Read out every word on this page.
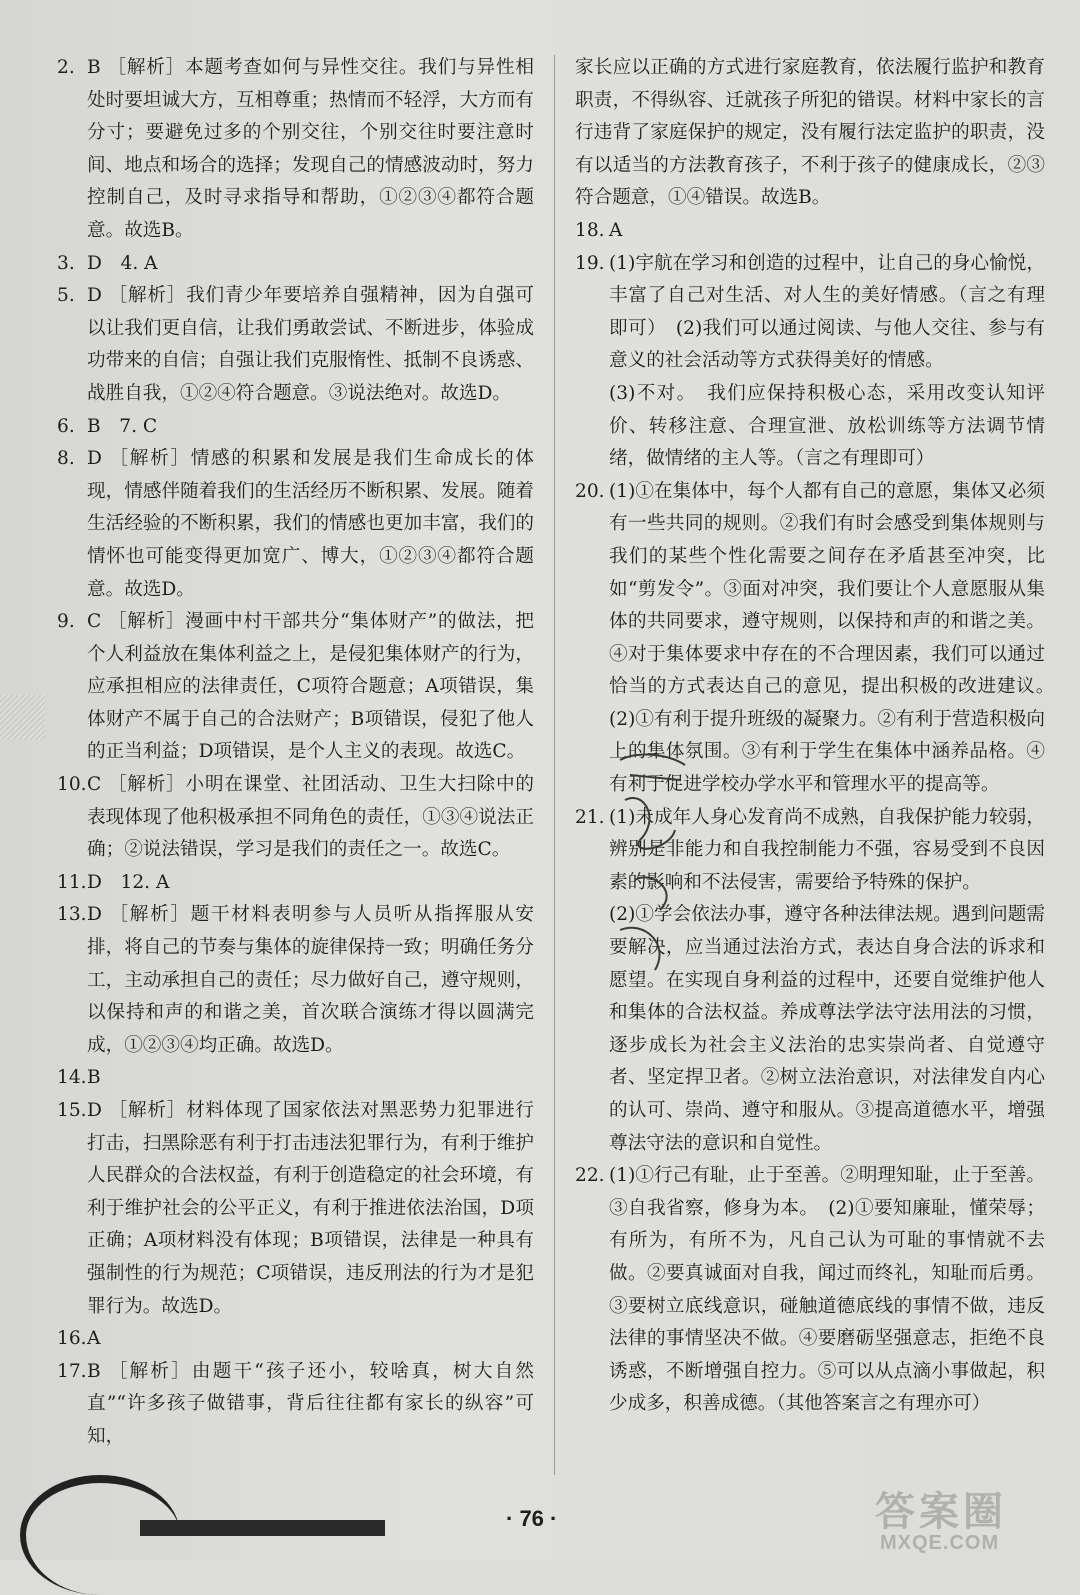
2. B ［解析］本题考查如何与异性交往。我们与异性相处时要坦诚大方，互相尊重；热情而不轻浮，大方而有分寸；要避免过多的个别交往，个别交往时要注意时间、地点和场合的选择；发现自己的情感波动时，努力控制自己，及时寻求指导和帮助，①②③④都符合题意。故选B。
3. D　4. A
5. D ［解析］我们青少年要培养自强精神，因为自强可以让我们更自信，让我们勇敢尝试、不断进步，体验成功带来的自信；自强让我们克服惰性、抵制不良诱惑、战胜自我，①②④符合题意。③说法绝对。故选D。
6. B　7. C
8. D ［解析］情感的积累和发展是我们生命成长的体现，情感伴随着我们的生活经历不断积累、发展。随着生活经验的不断积累，我们的情感也更加丰富，我们的情怀也可能变得更加宽广、博大，①②③④都符合题意。故选D。
9. C ［解析］漫画中村干部共分“集体财产”的做法，把个人利益放在集体利益之上，是侵犯集体财产的行为，应承担相应的法律责任，C项符合题意；A项错误，集体财产不属于自己的合法财产；B项错误，侵犯了他人的正当利益；D项错误，是个人主义的表现。故选C。
10. C ［解析］小明在课堂、社团活动、卫生大扫除中的表现体现了他积极承担不同角色的责任，①③④说法正确；②说法错误，学习是我们的责任之一。故选C。
11. D　12. A
13. D ［解析］题干材料表明参与人员听从指挥服从安排，将自己的节奏与集体的旋律保持一致；明确任务分工，主动承担自己的责任；尽力做好自己，遵守规则，以保持和声的和谐之美，首次联合演练才得以圆满完成，①②③④均正确。故选D。
14. B
15. D ［解析］材料体现了国家依法对黑恶势力犯罪进行打击，扫黑除恶有利于打击违法犯罪行为，有利于维护人民群众的合法权益，有利于创造稳定的社会环境，有利于维护社会的公平正义，有利于推进依法治国，D项正确；A项材料没有体现；B项错误，法律是一种具有强制性的行为规范；C项错误，违反刑法的行为才是犯罪行为。故选D。
16. A
17. B ［解析］由题干“孩子还小，较啥真，树大自然直”“许多孩子做错事，背后往往都有家长的纵容”可知，
家长应以正确的方式进行家庭教育，依法履行监护和教育职责，不得纵容、迁就孩子所犯的错误。材料中家长的言行违背了家庭保护的规定，没有履行法定监护的职责，没有以适当的方法教育孩子，不利于孩子的健康成长，②③符合题意，①④错误。故选B。
18. A
19. (1)宇航在学习和创造的过程中，让自己的身心愉悦，丰富了自己对生活、对人生的美好情感。（言之有理即可）　(2)我们可以通过阅读、与他人交往、参与有意义的社会活动等方式获得美好的情感。
(3)不对。　我们应保持积极心态，采用改变认知评价、转移注意、合理宣泄、放松训练等方法调节情绪，做情绪的主人等。（言之有理即可）
20. (1)①在集体中，每个人都有自己的意愿，集体又必须有一些共同的规则。②我们有时会感受到集体规则与我们的某些个性化需要之间存在矛盾甚至冲突，比如“剪发令”。③面对冲突，我们要让个人意愿服从集体的共同要求，遵守规则，以保持和声的和谐之美。④对于集体要求中存在的不合理因素，我们可以通过恰当的方式表达自己的意见，提出积极的改进建议。　(2)①有利于提升班级的凝聚力。②有利于营造积极向上的集体氛围。③有利于学生在集体中涵养品格。④有利于促进学校办学水平和管理水平的提高等。
21. (1)未成年人身心发育尚不成熟，自我保护能力较弱，辨别是非能力和自我控制能力不强，容易受到不良因素的影响和不法侵害，需要给予特殊的保护。
(2)①学会依法办事，遵守各种法律法规。遇到问题需要解决，应当通过法治方式，表达自身合法的诉求和愿望。在实现自身利益的过程中，还要自觉维护他人和集体的合法权益。养成尊法学法守法用法的习惯，逐步成长为社会主义法治的忠实崇尚者、自觉遵守者、坚定捍卫者。②树立法治意识，对法律发自内心的认可、崇尚、遵守和服从。③提高道德水平，增强尊法守法的意识和自觉性。
22. (1)①行己有耻，止于至善。②明理知耻，止于至善。③自我省察，修身为本。　(2)①要知廉耻，懂荣辱；有所为，有所不为，凡自己认为可耻的事情就不去做。②要真诚面对自我，闻过而终礼，知耻而后勇。③要树立底线意识，碰触道德底线的事情不做，违反法律的事情坚决不做。④要磨砺坚强意志，拒绝不良诱惑，不断增强自控力。⑤可以从点滴小事做起，积少成多，积善成德。（其他答案言之有理亦可）
· 76 ·	答案圈
MXQE.COM
